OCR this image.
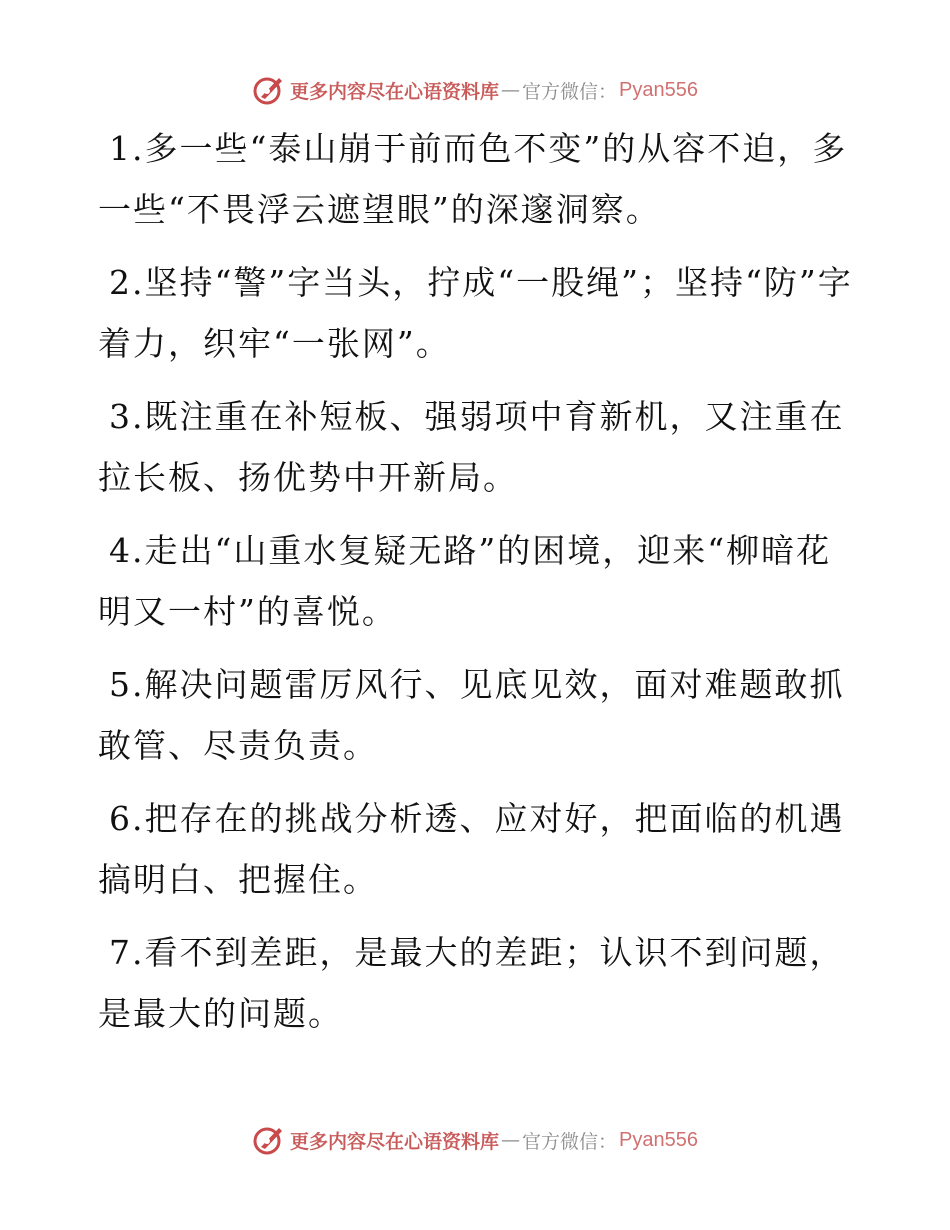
更多内容尽在心语资料库 — 官方微信： Pyan556

1.多一些“泰山崩于前而色不变”的从容不迫，多一些“不畏浮云遮望眼”的深邃洞察。

2.坚持“警”字当头，拧成“一股绳”；坚持“防”字着力，织牢“一张网”。

3.既注重在补短板、强弱项中育新机，又注重在拉长板、扬优势中开新局。

4.走出“山重水复疑无路”的困境，迎来“柳暗花明又一村”的喜悦。

5.解决问题雷厉风行、见底见效，面对难题敢抓敢管、尽责负责。

6.把存在的挑战分析透、应对好，把面临的机遇搞明白、把握住。

7.看不到差距，是最大的差距；认识不到问题，是最大的问题。

更多内容尽在心语资料库 — 官方微信： Pyan556
